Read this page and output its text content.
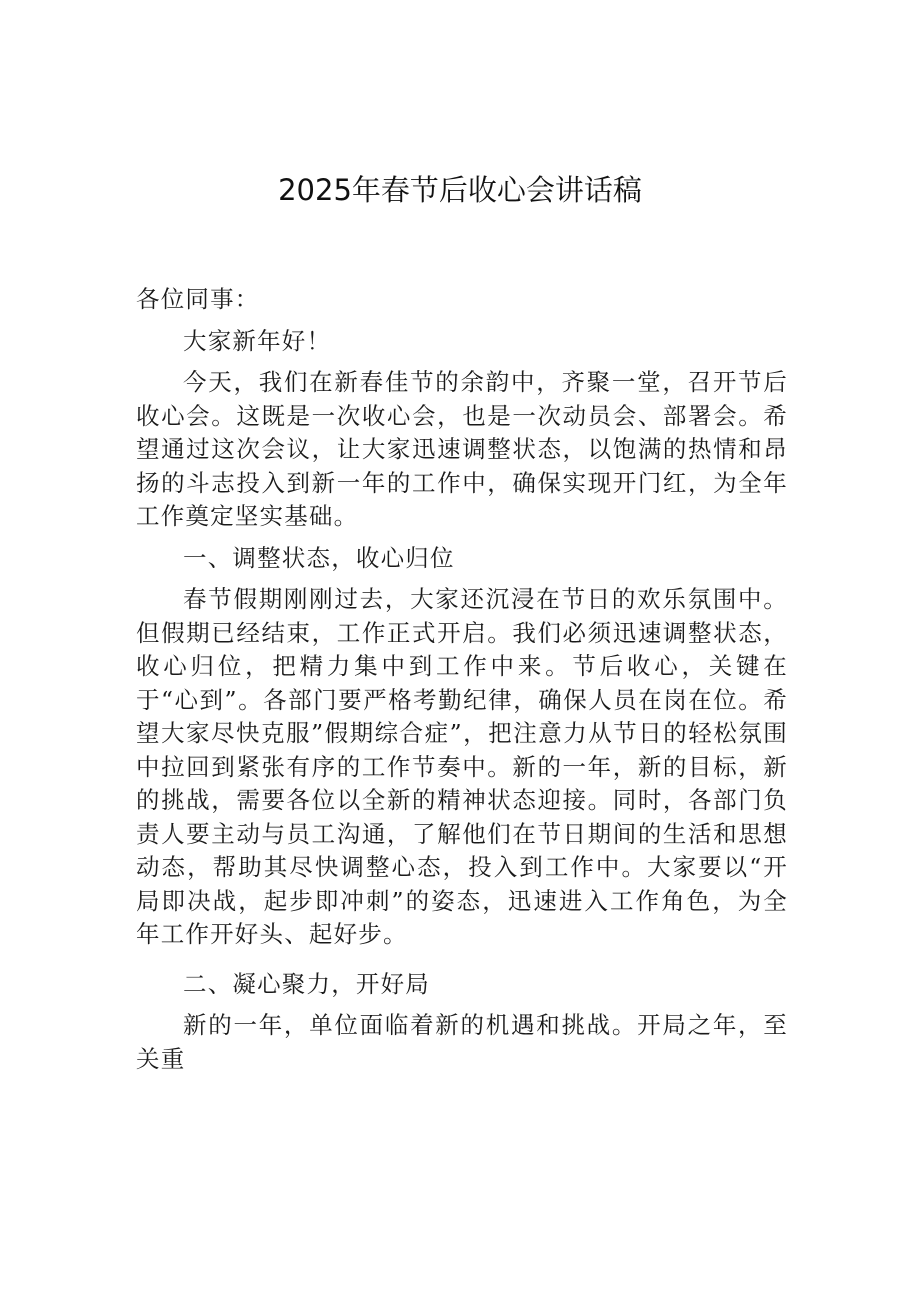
2025年春节后收心会讲话稿

各位同事：

大家新年好！

今天，我们在新春佳节的余韵中，齐聚一堂，召开节后收心会。这既是一次收心会，也是一次动员会、部署会。希望通过这次会议，让大家迅速调整状态，以饱满的热情和昂扬的斗志投入到新一年的工作中，确保实现开门红，为全年工作奠定坚实基础。

一、调整状态，收心归位

春节假期刚刚过去，大家还沉浸在节日的欢乐氛围中。但假期已经结束，工作正式开启。我们必须迅速调整状态，收心归位，把精力集中到工作中来。节后收心，关键在于“心到”。各部门要严格考勤纪律，确保人员在岗在位。希望大家尽快克服”假期综合症”，把注意力从节日的轻松氛围中拉回到紧张有序的工作节奏中。新的一年，新的目标，新的挑战，需要各位以全新的精神状态迎接。同时，各部门负责人要主动与员工沟通，了解他们在节日期间的生活和思想动态，帮助其尽快调整心态，投入到工作中。大家要以“开局即决战，起步即冲刺”的姿态，迅速进入工作角色，为全年工作开好头、起好步。

二、凝心聚力，开好局

新的一年，单位面临着新的机遇和挑战。开局之年，至关重
